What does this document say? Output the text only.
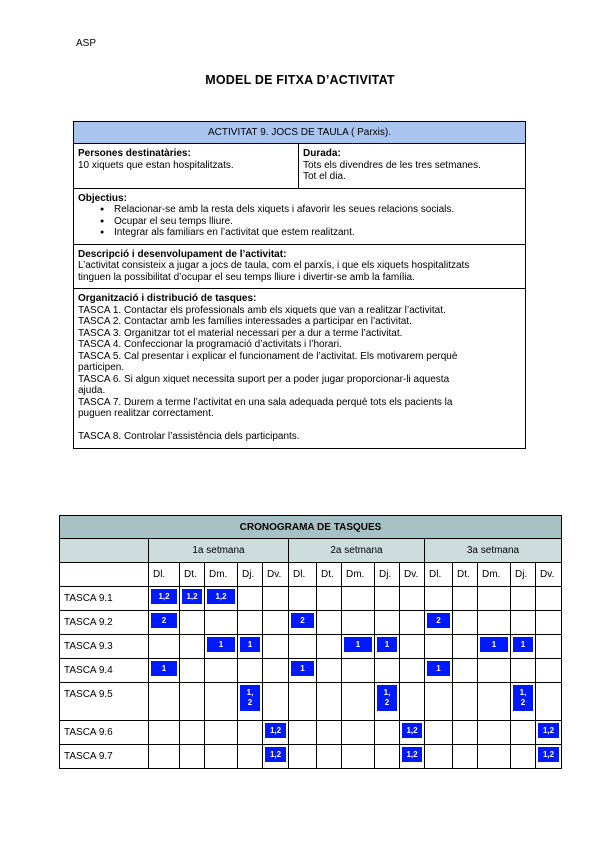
ASP
MODEL DE FITXA D’ACTIVITAT
ACTIVITAT 9. JOCS DE TAULA ( Parxis).
Persones destinatàries:
10 xiquets que estan hospitalitzats.
Durada:
Tots els divendres de les tres setmanes.
Tot el dia.
Objectius:
● Relacionar-se amb la resta dels xiquets i afavorir les seues relacions socials.
● Ocupar el seu temps lliure.
● Integrar als familiars en l’activitat que estem realitzant.
Descripció i desenvolupament de l’activitat:
L’activitat consisteix a jugar a jocs de taula, com el parxís, i que els xiquets hospitalitzats
tinguen la possibilitat d’ocupar el seu temps lliure i divertir-se amb la família.
Organització i distribució de tasques:
TASCA 1. Contactar els professionals amb els xiquets que van a realitzar l’activitat.
TASCA 2. Contactar amb les famílies interessades a participar en l’activitat.
TASCA 3. Organitzar tot el material necessari per a dur a terme l’activitat.
TASCA 4. Confeccionar la programació d’activitats i l’horari.
TASCA 5. Cal presentar i explicar el funcionament de l’activitat. Els motivarem perquè
participen.
TASCA 6. Si algun xiquet necessita suport per a poder jugar proporcionar-li aquesta
ajuda.
TASCA 7. Durem a terme l’activitat en una sala adequada perquè tots els pacients la
puguen realitzar correctament.
TASCA 8. Controlar l’assistència dels participants.
CRONOGRAMA DE TASQUES															
	1a setmana					2a setmana					3a setmana				
	Dl.	Dt.	Dm.	Dj.	Dv.	Dl.	Dt.	Dm.	Dj.	Dv.	Dl.	Dt.	Dm.	Dj.	Dv.
TASCA 9.1	1,2	1,2	1,2												

TASCA 9.2	2					2					2				

TASCA 9.3			1	1				1	1				1	1	

TASCA 9.4	1					1					1				

TASCA 9.5				1,
2					1,
2					1,
2	

TASCA 9.6					1,2					1,2					1,2

TASCA 9.7					1,2					1,2					1,2
